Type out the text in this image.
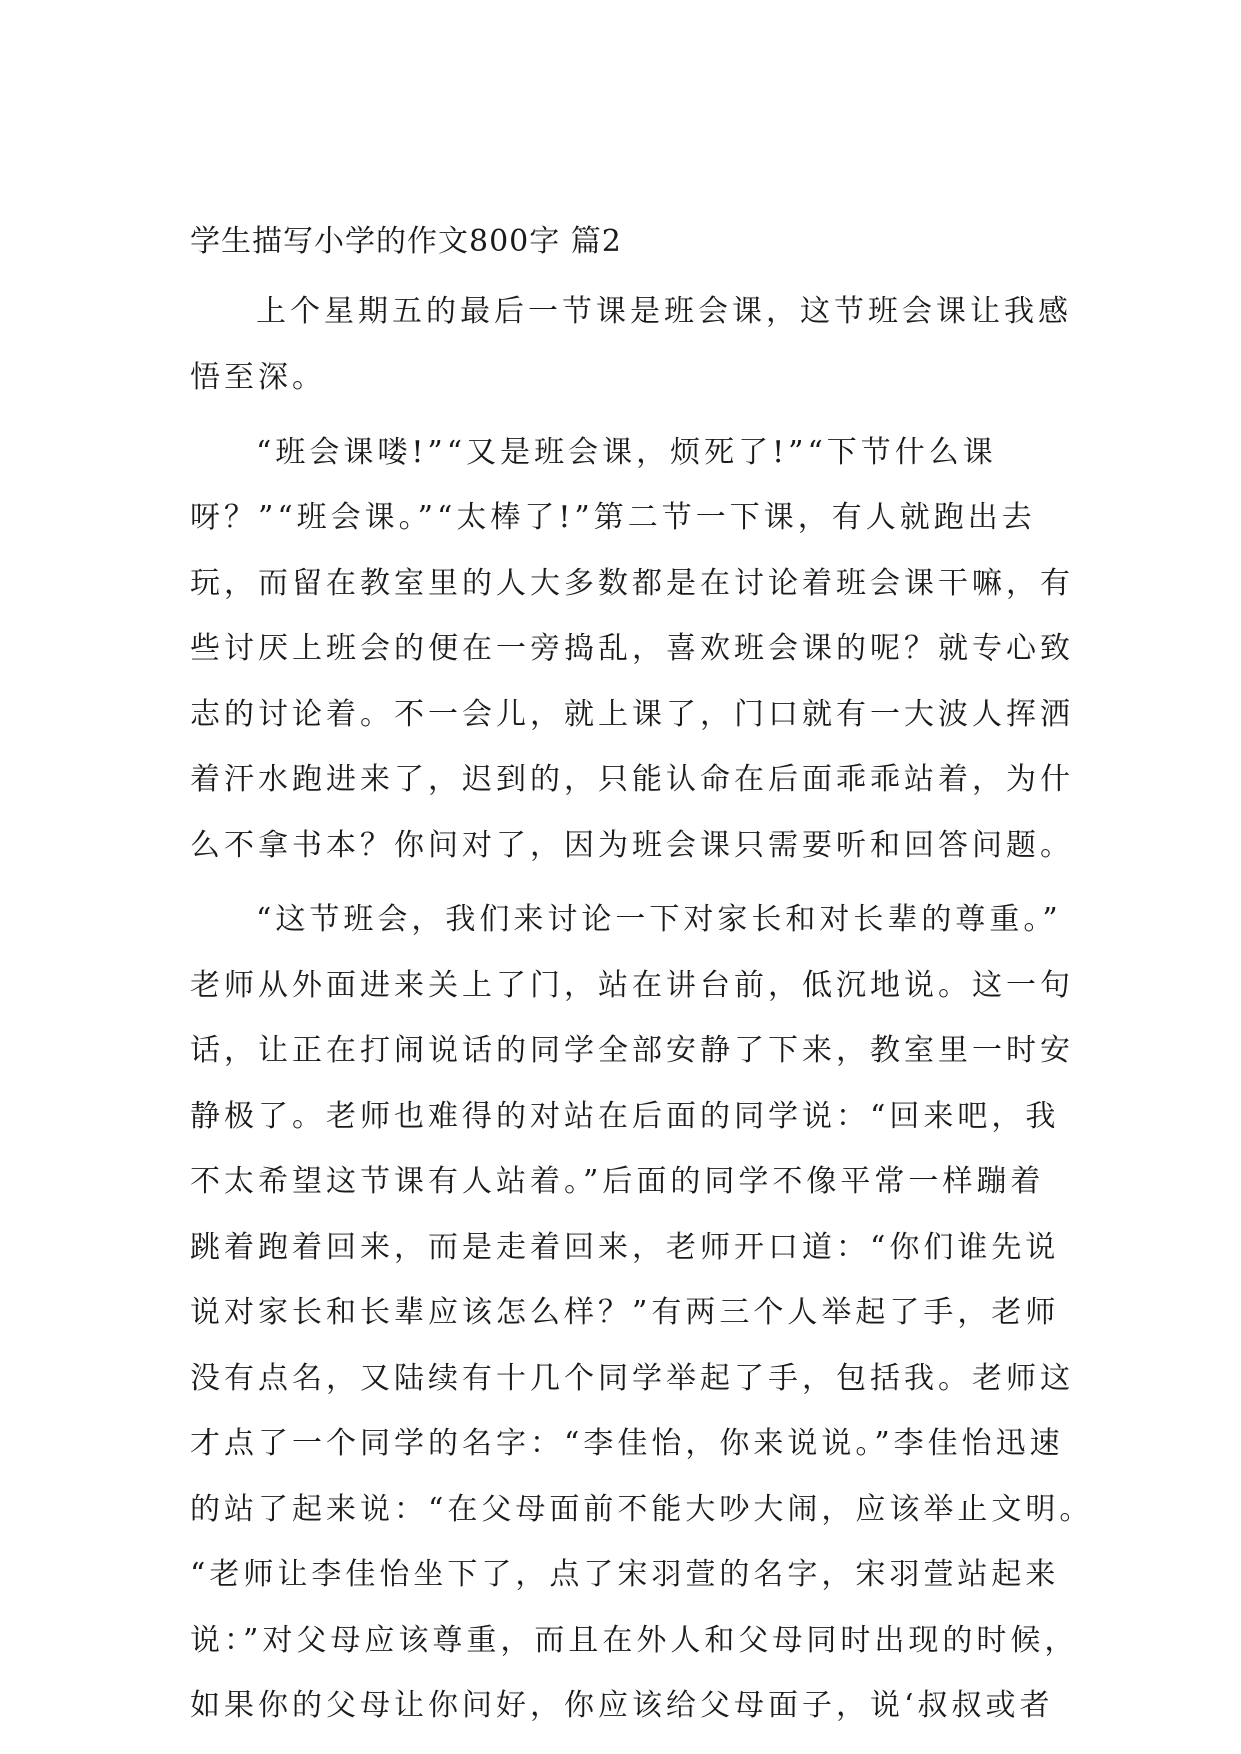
学生描写小学的作文800字 篇2
上个星期五的最后一节课是班会课，这节班会课让我感
悟至深。
“班会课喽!”“又是班会课，烦死了!”“下节什么课
呀？”“班会课。”“太棒了!”第二节一下课，有人就跑出去
玩，而留在教室里的人大多数都是在讨论着班会课干嘛，有
些讨厌上班会的便在一旁捣乱，喜欢班会课的呢？就专心致
志的讨论着。不一会儿，就上课了，门口就有一大波人挥洒
着汗水跑进来了，迟到的，只能认命在后面乖乖站着，为什
么不拿书本？你问对了，因为班会课只需要听和回答问题。
“这节班会，我们来讨论一下对家长和对长辈的尊重。”
老师从外面进来关上了门，站在讲台前，低沉地说。这一句
话，让正在打闹说话的同学全部安静了下来，教室里一时安
静极了。老师也难得的对站在后面的同学说：“回来吧，我
不太希望这节课有人站着。”后面的同学不像平常一样蹦着
跳着跑着回来，而是走着回来，老师开口道：“你们谁先说
说对家长和长辈应该怎么样？”有两三个人举起了手，老师
没有点名，又陆续有十几个同学举起了手，包括我。老师这
才点了一个同学的名字：“李佳怡，你来说说。”李佳怡迅速
的站了起来说：“在父母面前不能大吵大闹，应该举止文明。
“老师让李佳怡坐下了，点了宋羽萱的名字，宋羽萱站起来
说：”对父母应该尊重，而且在外人和父母同时出现的时候，
如果你的父母让你问好，你应该给父母面子，说‘叔叔或者
